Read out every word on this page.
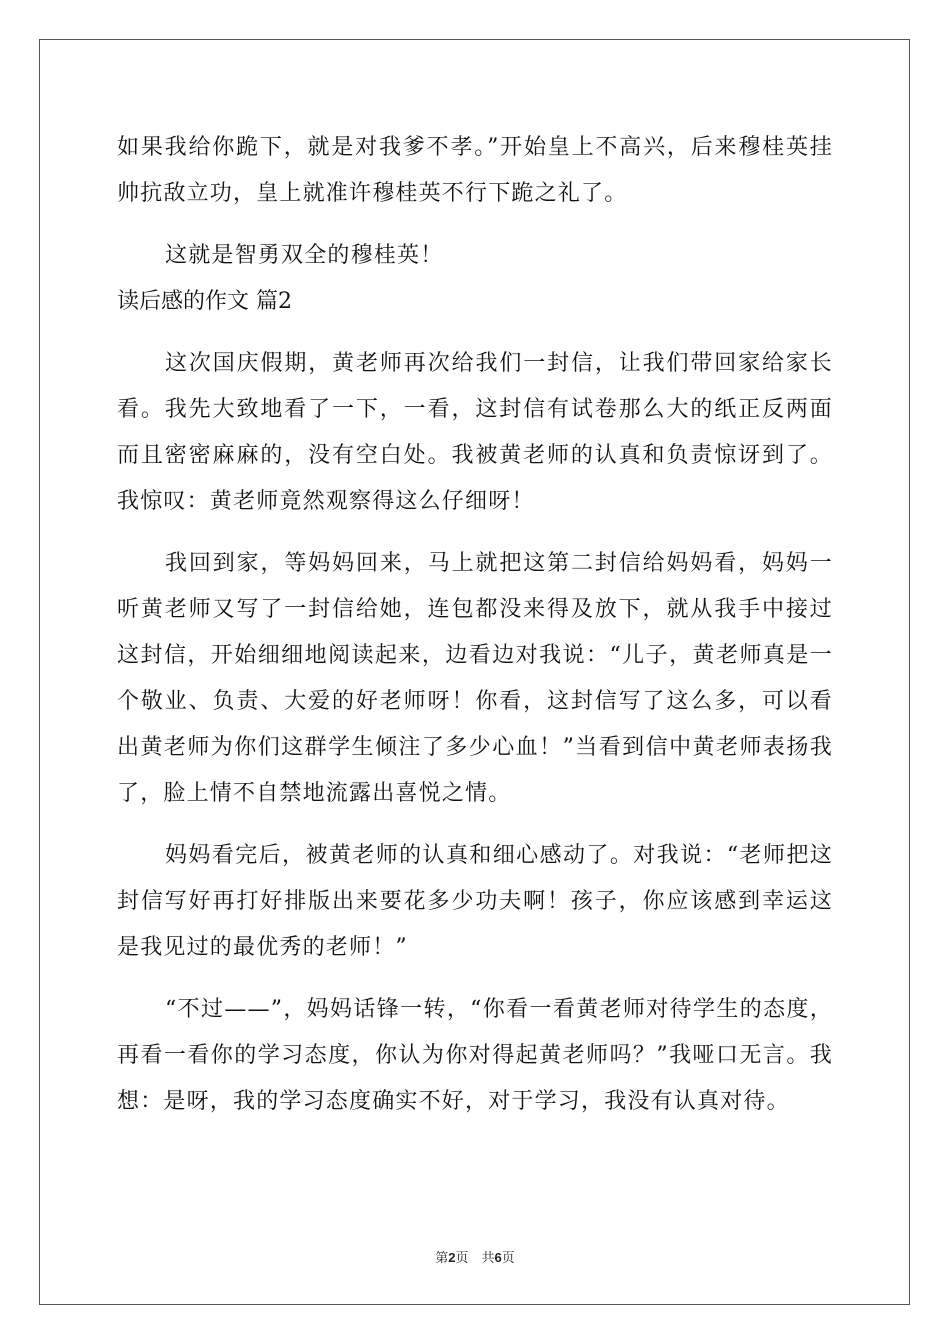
如果我给你跪下，就是对我爹不孝。”开始皇上不高兴，后来穆桂英挂帅抗敌立功，皇上就准许穆桂英不行下跪之礼了。

这就是智勇双全的穆桂英！

读后感的作文 篇2

这次国庆假期，黄老师再次给我们一封信，让我们带回家给家长看。我先大致地看了一下，一看，这封信有试卷那么大的纸正反两面而且密密麻麻的，没有空白处。我被黄老师的认真和负责惊讶到了。我惊叹：黄老师竟然观察得这么仔细呀！

我回到家，等妈妈回来，马上就把这第二封信给妈妈看，妈妈一听黄老师又写了一封信给她，连包都没来得及放下，就从我手中接过这封信，开始细细地阅读起来，边看边对我说：“儿子，黄老师真是一个敬业、负责、大爱的好老师呀！你看，这封信写了这么多，可以看出黄老师为你们这群学生倾注了多少心血！”当看到信中黄老师表扬我了，脸上情不自禁地流露出喜悦之情。

妈妈看完后，被黄老师的认真和细心感动了。对我说：“老师把这封信写好再打好排版出来要花多少功夫啊！孩子，你应该感到幸运这是我见过的最优秀的老师！”

“不过——”，妈妈话锋一转，“你看一看黄老师对待学生的态度，再看一看你的学习态度，你认为你对得起黄老师吗？”我哑口无言。我想：是呀，我的学习态度确实不好，对于学习，我没有认真对待。

第2页　共6页
